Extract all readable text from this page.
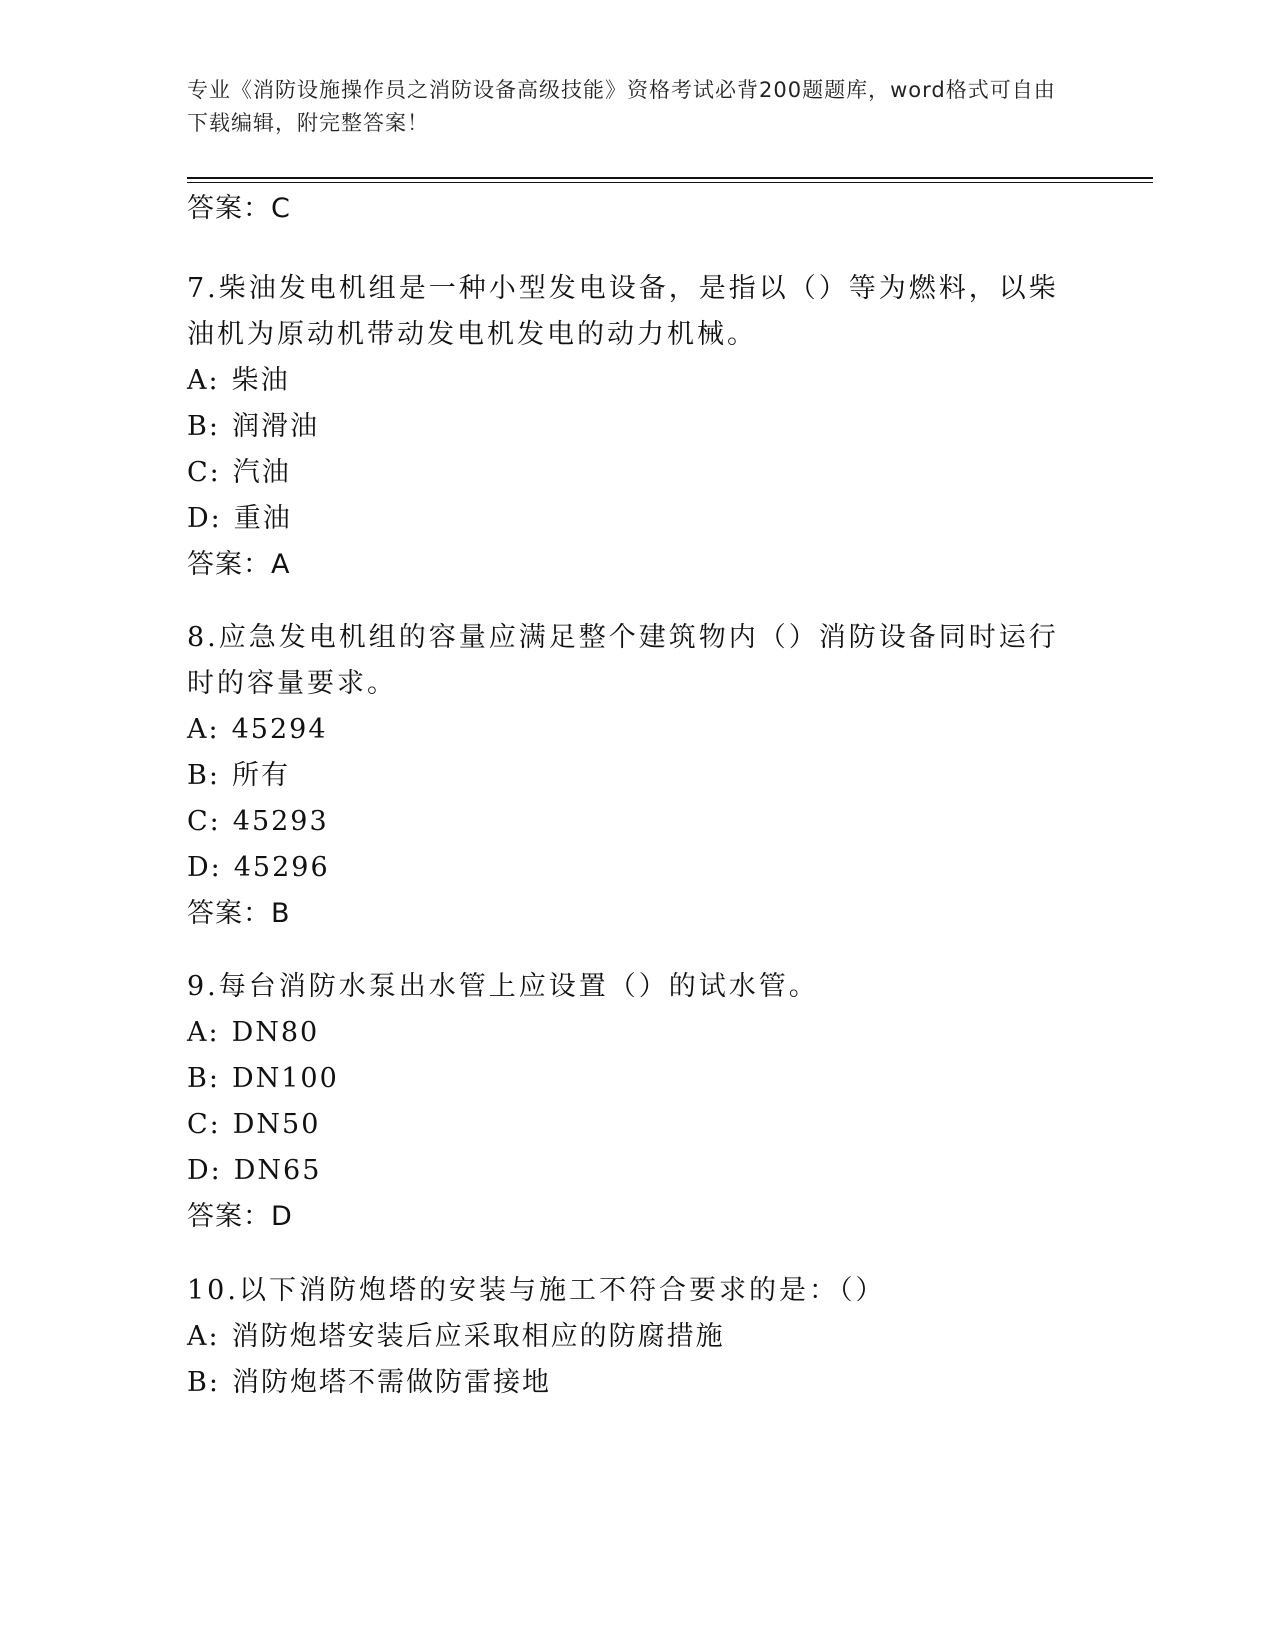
专业《消防设施操作员之消防设备高级技能》资格考试必背200题题库，word格式可自由下载编辑，附完整答案！
答案：C
7.柴油发电机组是一种小型发电设备，是指以（）等为燃料，以柴油机为原动机带动发电机发电的动力机械。
A: 柴油
B: 润滑油
C: 汽油
D: 重油
答案：A
8.应急发电机组的容量应满足整个建筑物内（）消防设备同时运行时的容量要求。
A: 45294
B: 所有
C: 45293
D: 45296
答案：B
9.每台消防水泵出水管上应设置（）的试水管。
A: DN80
B: DN100
C: DN50
D: DN65
答案：D
10.以下消防炮塔的安装与施工不符合要求的是：（）
A: 消防炮塔安装后应采取相应的防腐措施
B: 消防炮塔不需做防雷接地
